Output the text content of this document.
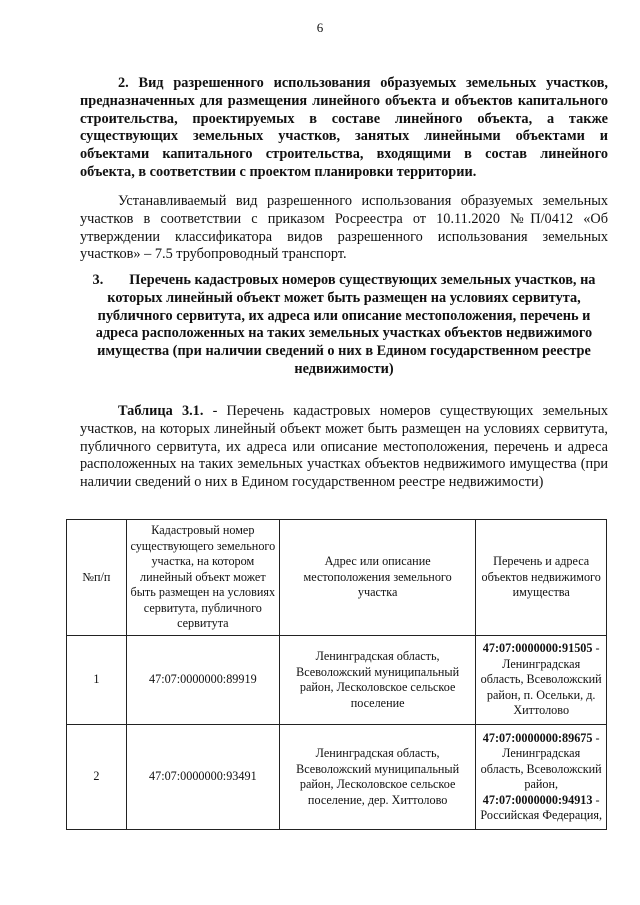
6
2. Вид разрешенного использования образуемых земельных участков, предназначенных для размещения линейного объекта и объектов капитального строительства, проектируемых в составе линейного объекта, а также существующих земельных участков, занятых линейными объектами и объектами капитального строительства, входящими в состав линейного объекта, в соответствии с проектом планировки территории.
Устанавливаемый вид разрешенного использования образуемых земельных участков в соответствии с приказом Росреестра от 10.11.2020 №П/0412 «Об утверждении классификатора видов разрешенного использования земельных участков» – 7.5 трубопроводный транспорт.
3. Перечень кадастровых номеров существующих земельных участков, на которых линейный объект может быть размещен на условиях сервитута, публичного сервитута, их адреса или описание местоположения, перечень и адреса расположенных на таких земельных участках объектов недвижимого имущества (при наличии сведений о них в Едином государственном реестре недвижимости)
Таблица 3.1. - Перечень кадастровых номеров существующих земельных участков, на которых линейный объект может быть размещен на условиях сервитута, публичного сервитута, их адреса или описание местоположения, перечень и адреса расположенных на таких земельных участках объектов недвижимого имущества (при наличии сведений о них в Едином государственном реестре недвижимости)
№п/п	Кадастровый номер существующего земельного участка, на котором линейный объект может быть размещен на условиях сервитута, публичного сервитута	Адрес или описание местоположения земельного участка	Перечень и адреса объектов недвижимого имущества
1	47:07:0000000:89919	Ленинградская область, Всеволожский муниципальный район, Лесколовское сельское поселение	47:07:0000000:91505 - Ленинградская область, Всеволожский район, п. Осельки, д. Хиттолово

2	47:07:0000000:93491	Ленинградская область, Всеволожский муниципальный район, Лесколовское сельское поселение, дер. Хиттолово	47:07:0000000:89675 - Ленинградская область, Всеволожский район,
47:07:0000000:94913 - Российская Федерация,
